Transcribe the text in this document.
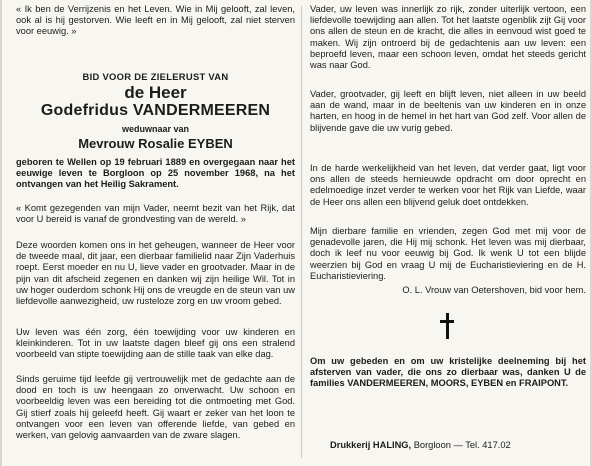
« Ik ben de Verrijzenis en het Leven. Wie in Mij gelooft, zal leven, ook al is hij gestorven. Wie leeft en in Mij gelooft, zal niet sterven voor eeuwig. »

BID VOOR DE ZIELERUST VAN
de Heer
Godefridus VANDERMEEREN
weduwnaar van
Mevrouw Rosalie EYBEN

geboren te Wellen op 19 februari 1889 en overgegaan naar het eeuwige leven te Borgloon op 25 november 1968, na het ontvangen van het Heilig Sakrament.

« Komt gezegenden van mijn Vader, neemt bezit van het Rijk, dat voor U bereid is vanaf de grondvesting van de wereld. »

Deze woorden komen ons in het geheugen, wanneer de Heer voor de tweede maal, dit jaar, een dierbaar familielid naar Zijn Vaderhuis roept. Eerst moeder en nu U, lieve vader en grootvader. Maar in de pijn van dit afscheid zegenen en danken wij zijn heilige Wil. Tot in uw hoger ouderdom schonk Hij ons de vreugde en de steun van uw liefdevolle aanwezigheid, uw rusteloze zorg en uw vroom gebed.

Uw leven was één zorg, één toewijding voor uw kinderen en kleinkinderen. Tot in uw laatste dagen bleef gij ons een stralend voorbeeld van stipte toewijding aan de stille taak van elke dag.

Sinds geruime tijd leefde gij vertrouwelijk met de gedachte aan de dood en toch is uw heengaan zo onverwacht. Uw schoon en voorbeeldig leven was een bereiding tot die ontmoeting met God. Gij stierf zoals hij geleefd heeft. Gij waart er zeker van het loon te ontvangen voor een leven van offerende liefde, van gebed en werken, van gelovig aanvaarden van de zware slagen.

Vader, uw leven was innerlijk zo rijk, zonder uiterlijk vertoon, een liefdevolle toewijding aan allen. Tot het laatste ogenblik zijt Gij voor ons allen de steun en de kracht, die alles in eenvoud wist goed te maken. Wij zijn ontroerd bij de gedachtenis aan uw leven: een beproefd leven, maar een schoon leven, omdat het steeds gericht was naar God.

Vader, grootvader, gij leeft en blijft leven, niet alleen in uw beeld aan de wand, maar in de beeltenis van uw kinderen en in onze harten, en hoog in de hemel in het hart van God zelf. Voor allen de blijvende gave die uw vurig gebed.

In de harde werkelijkheid van het leven, dat verder gaat, ligt voor ons allen de steeds hernieuwde opdracht om door oprecht en edelmoedige inzet verder te werken voor het Rijk van Liefde, waar de Heer ons allen een blijvend geluk doet ontdekken.

Mijn dierbare familie en vrienden, zegen God met mij voor de genadevolle jaren, die Hij mij schonk. Het leven was mij dierbaar, doch ik leef nu voor eeuwig bij God. Ik wenk U tot een blijde weerzien bij God en vraag U mij de Eucharistieviering en de H. Eucharistieviering.

O. L. Vrouw van Oetershoven, bid voor hem.

Om uw gebeden en om uw kristelijke deelneming bij het afsterven van vader, die ons zo dierbaar was, danken U de families VANDERMEEREN, MOORS, EYBEN en FRAIPONT.

Drukkerij HALING, Borgloon — Tel. 417.02
